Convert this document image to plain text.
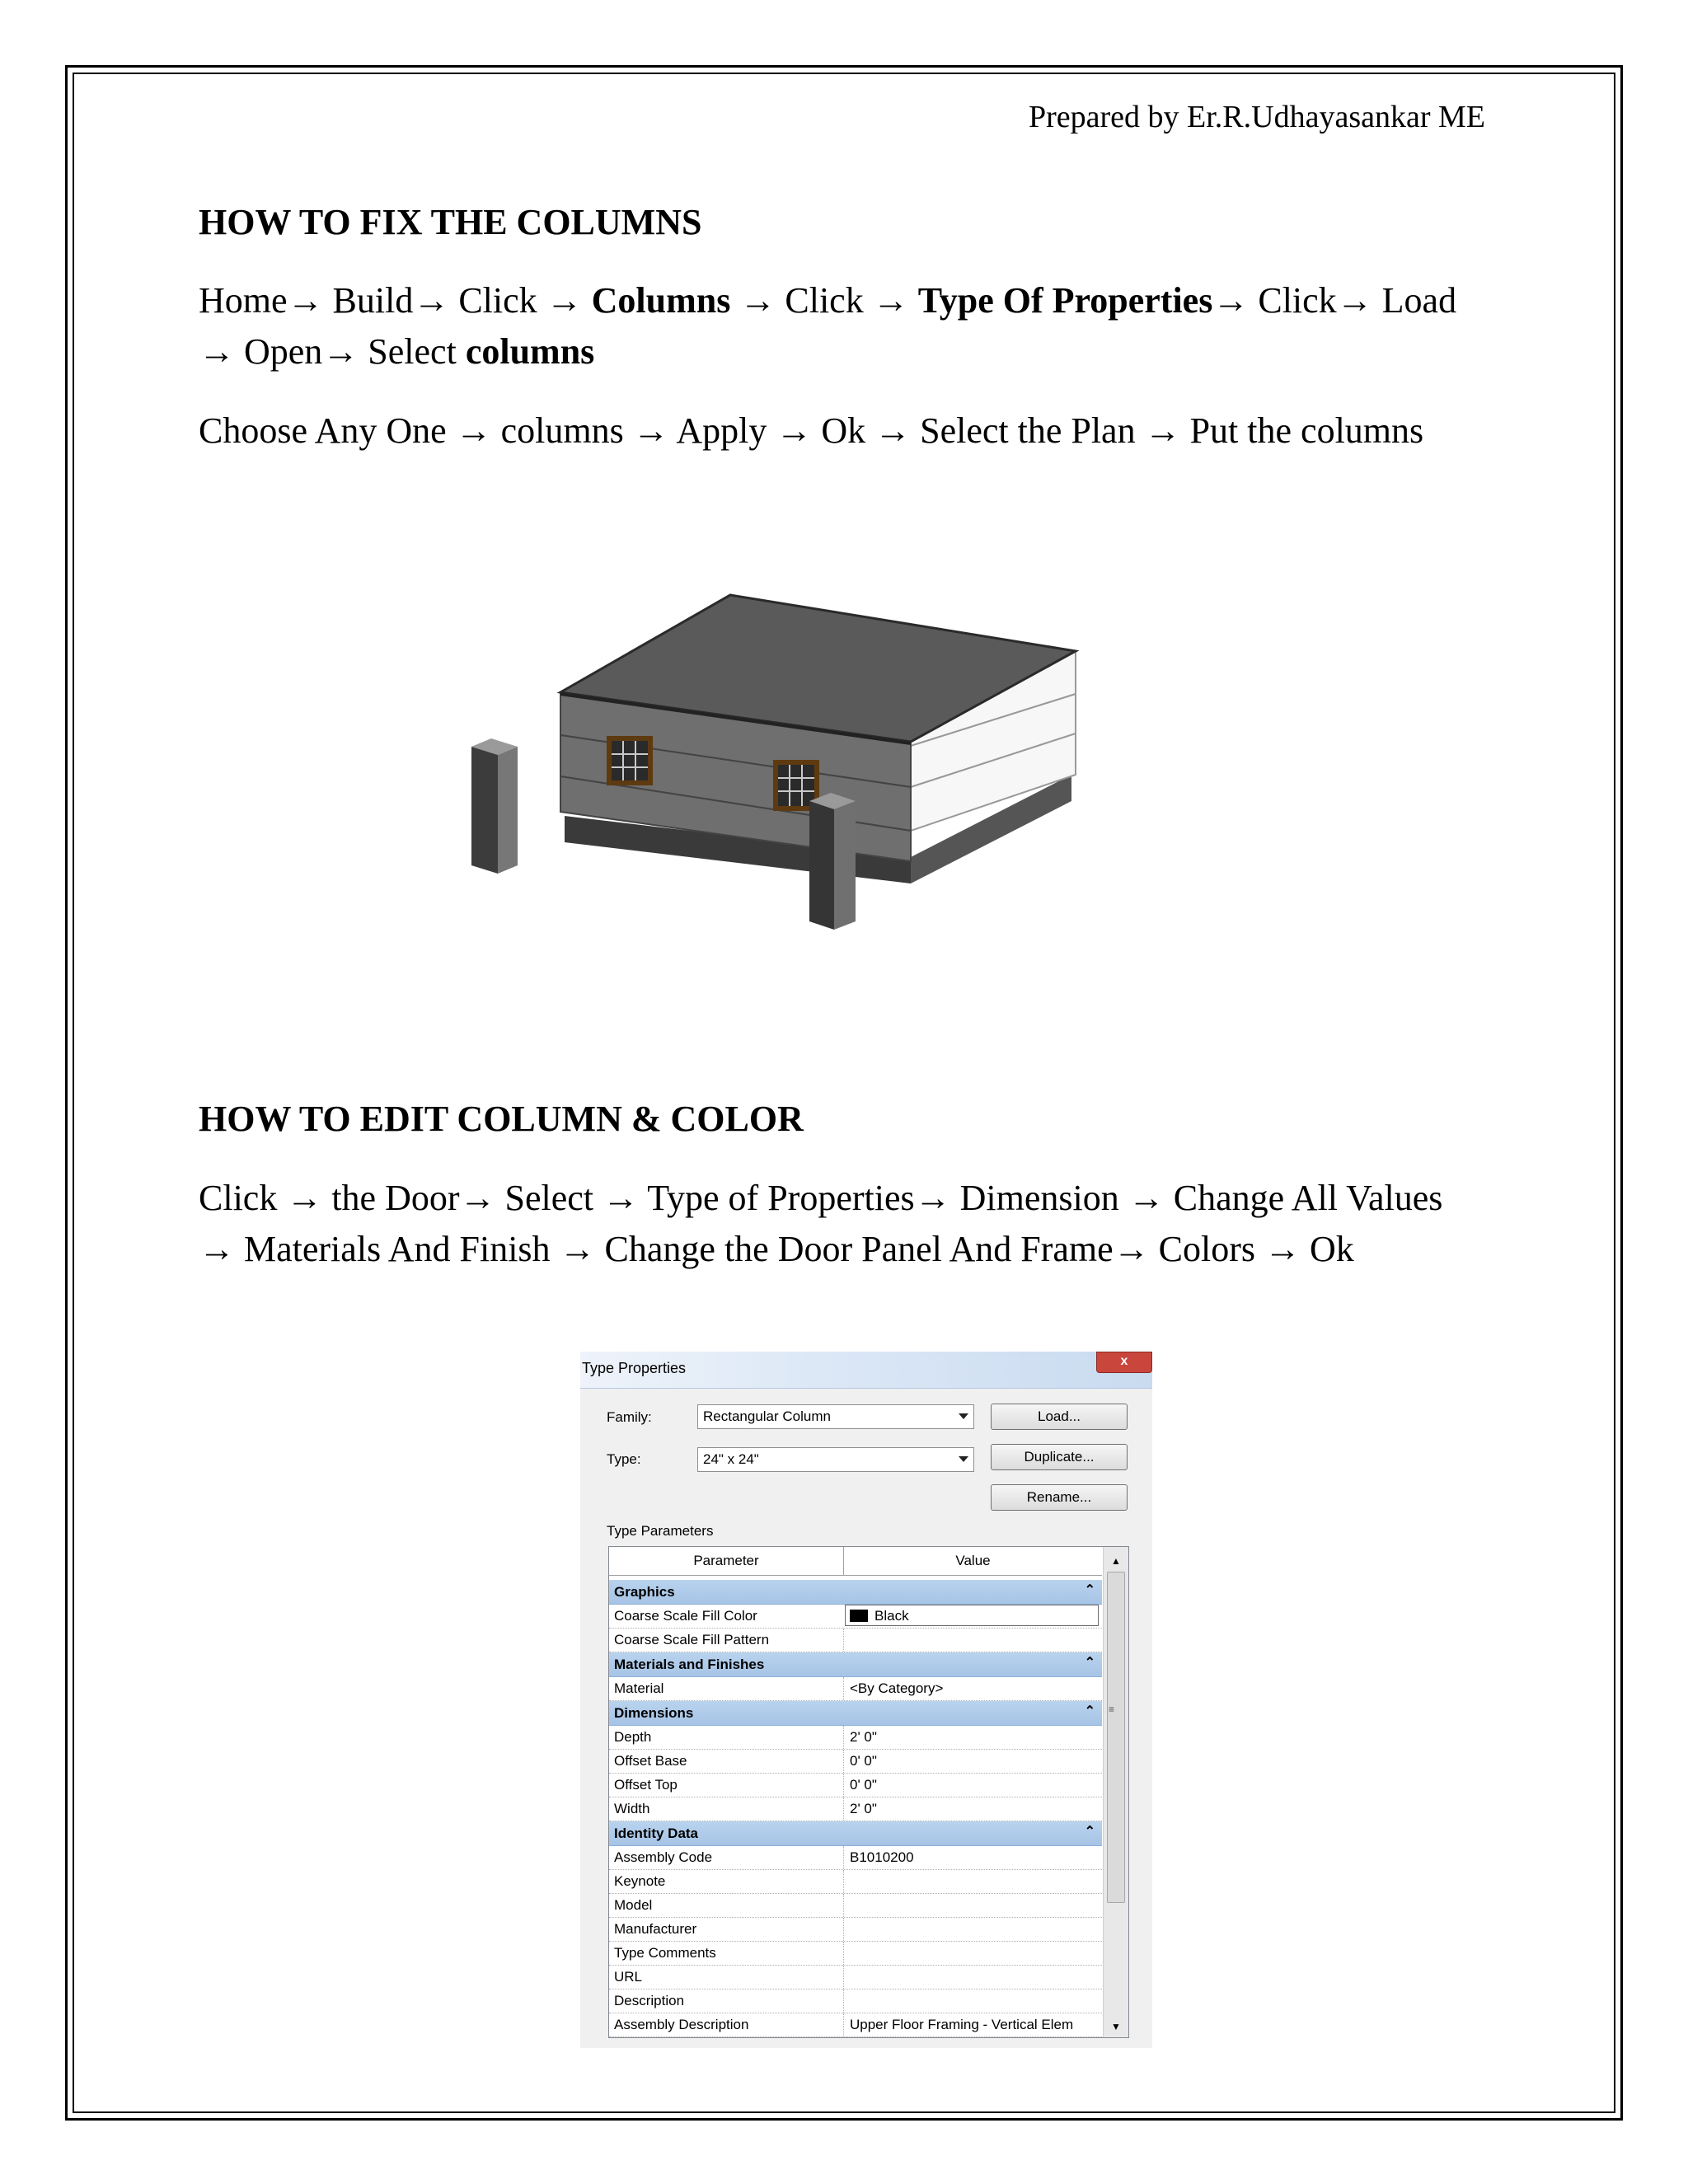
Prepared by Er.R.Udhayasankar ME
HOW TO FIX THE COLUMNS
Home→ Build→ Click → Columns → Click → Type Of Properties→ Click→ Load → Open→ Select columns
Choose Any One → columns → Apply → Ok → Select the Plan → Put the columns
HOW TO EDIT COLUMN & COLOR
Click → the Door→ Select → Type of Properties→ Dimension → Change All Values → Materials And Finish → Change the Door Panel And Frame→ Colors → Ok
Type Properties	x
Family:	Rectangular Column	Load...
Type:	24" x 24"	Duplicate...
Rename...
Type Parameters
Parameter	Value
Graphics	⌃
Coarse Scale Fill Color	Black
Coarse Scale Fill Pattern
Materials and Finishes	⌃
Material	<By Category>
Dimensions	⌃
Depth	2' 0"
Offset Base	0' 0"
Offset Top	0' 0"
Width	2' 0"
Identity Data	⌃
Assembly Code	B1010200
Keynote
Model
Manufacturer
Type Comments
URL
Description
Assembly Description	Upper Floor Framing - Vertical Elem
▲
≡
▼
